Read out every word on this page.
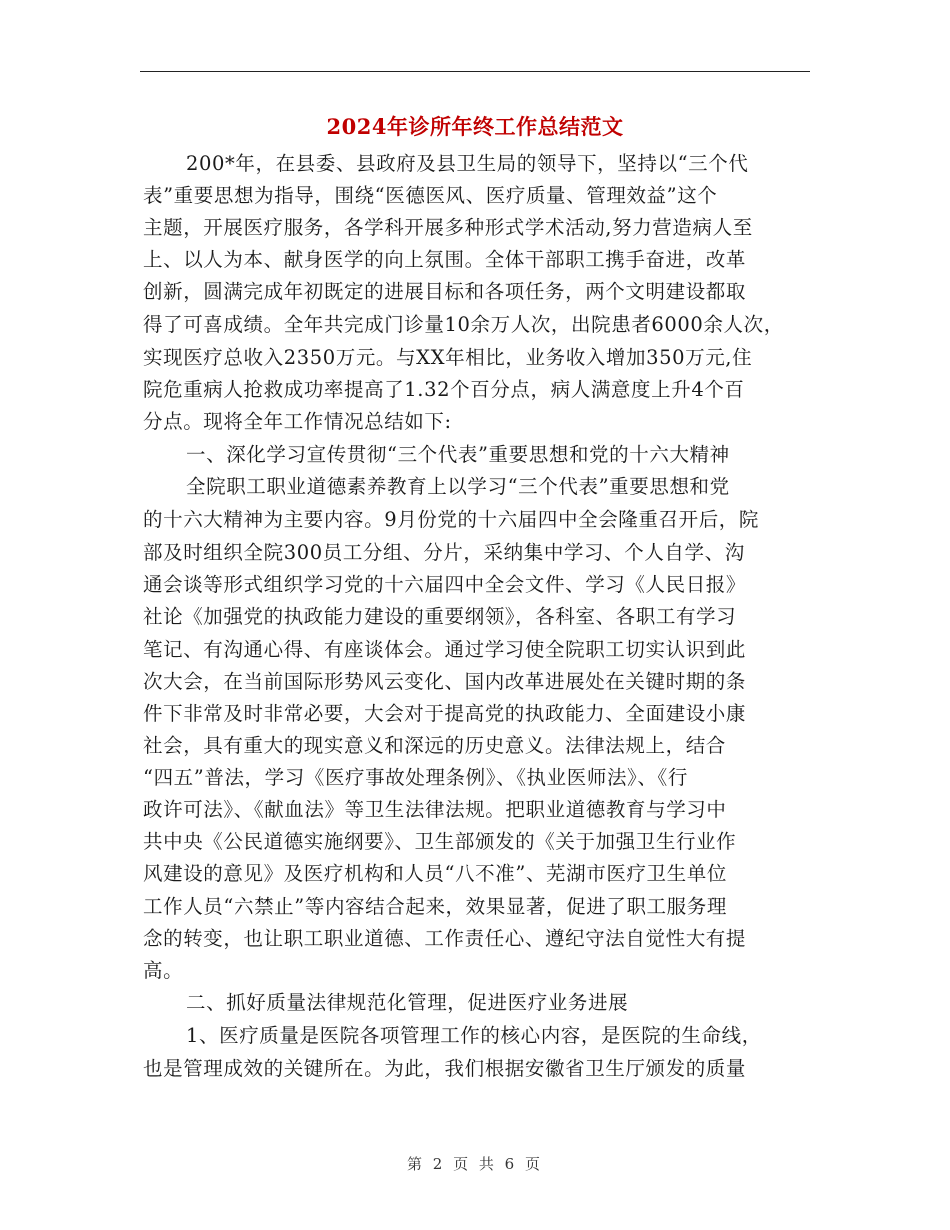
2024年诊所年终工作总结范文
200*年，在县委、县政府及县卫生局的领导下，坚持以“三个代
表”重要思想为指导，围绕“医德医风、医疗质量、管理效益”这个
主题，开展医疗服务，各学科开展多种形式学术活动,努力营造病人至
上、以人为本、献身医学的向上氛围。全体干部职工携手奋进，改革
创新，圆满完成年初既定的进展目标和各项任务，两个文明建设都取
得了可喜成绩。全年共完成门诊量10余万人次，出院患者6000余人次，
实现医疗总收入2350万元。与XX年相比，业务收入增加350万元,住
院危重病人抢救成功率提高了1.32个百分点，病人满意度上升4个百
分点。现将全年工作情况总结如下:
一、深化学习宣传贯彻“三个代表”重要思想和党的十六大精神
全院职工职业道德素养教育上以学习“三个代表”重要思想和党
的十六大精神为主要内容。9月份党的十六届四中全会隆重召开后，院
部及时组织全院300员工分组、分片，采纳集中学习、个人自学、沟
通会谈等形式组织学习党的十六届四中全会文件、学习《人民日报》
社论《加强党的执政能力建设的重要纲领》，各科室、各职工有学习
笔记、有沟通心得、有座谈体会。通过学习使全院职工切实认识到此
次大会，在当前国际形势风云变化、国内改革进展处在关键时期的条
件下非常及时非常必要，大会对于提高党的执政能力、全面建设小康
社会，具有重大的现实意义和深远的历史意义。法律法规上，结合
“四五”普法，学习《医疗事故处理条例》、《执业医师法》、《行
政许可法》、《献血法》等卫生法律法规。把职业道德教育与学习中
共中央《公民道德实施纲要》、卫生部颁发的《关于加强卫生行业作
风建设的意见》及医疗机构和人员“八不准”、芜湖市医疗卫生单位
工作人员“六禁止”等内容结合起来，效果显著，促进了职工服务理
念的转变，也让职工职业道德、工作责任心、遵纪守法自觉性大有提
高。
二、抓好质量法律规范化管理，促进医疗业务进展
1、医疗质量是医院各项管理工作的核心内容，是医院的生命线，
也是管理成效的关键所在。为此，我们根据安徽省卫生厅颁发的质量
第 2 页 共 6 页
